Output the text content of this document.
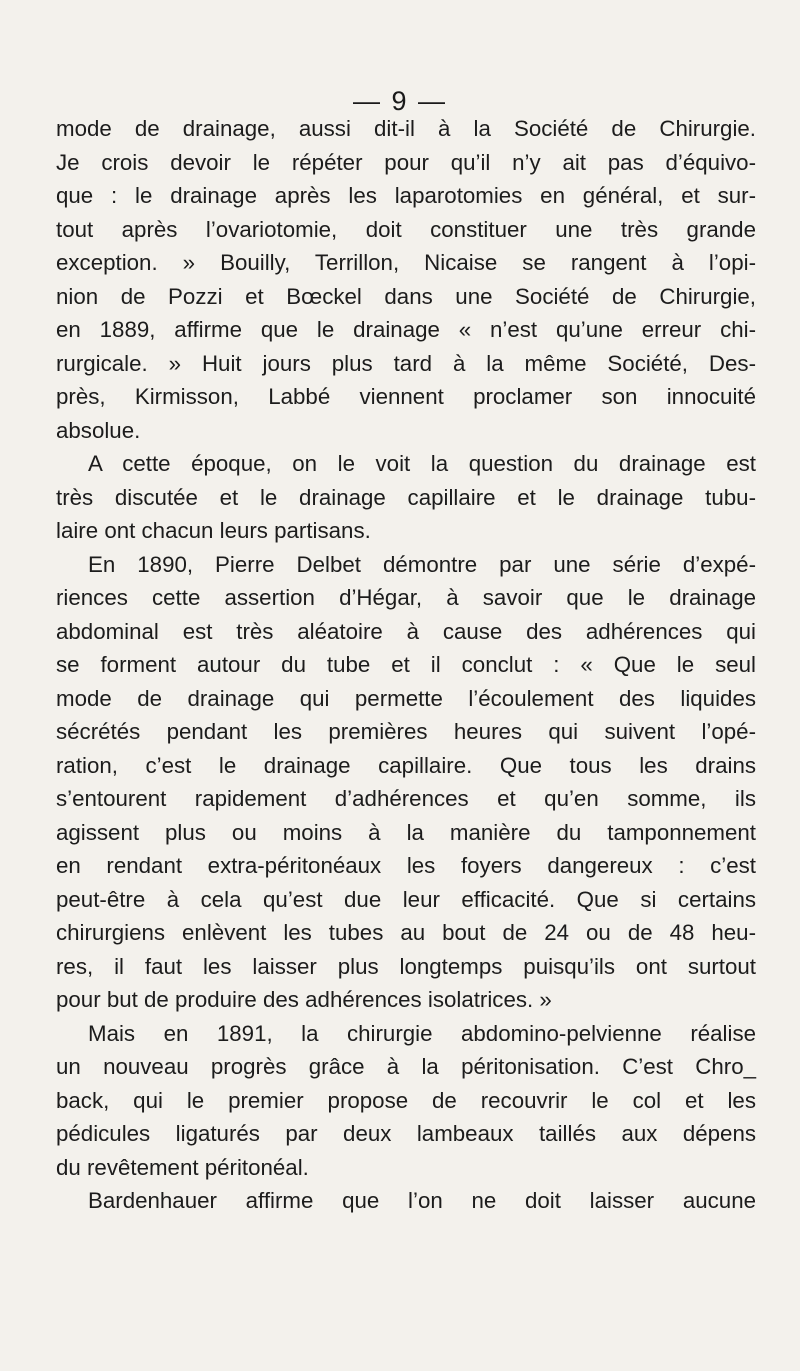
— 9 —
mode de drainage, aussi dit-il à la Société de Chirurgie.
Je crois devoir le répéter pour qu’il n’y ait pas d’équivo-
que : le drainage après les laparotomies en général, et sur-
tout après l’ovariotomie, doit constituer une très grande
exception. » Bouilly, Terrillon, Nicaise se rangent à l’opi-
nion de Pozzi et Bœckel dans une Société de Chirurgie,
en 1889, affirme que le drainage « n’est qu’une erreur chi-
rurgicale. » Huit jours plus tard à la même Société, Des-
près, Kirmisson, Labbé viennent proclamer son innocuité
absolue.
A cette époque, on le voit la question du drainage est
très discutée et le drainage capillaire et le drainage tubu-
laire ont chacun leurs partisans.
En 1890, Pierre Delbet démontre par une série d’expé-
riences cette assertion d’Hégar, à savoir que le drainage
abdominal est très aléatoire à cause des adhérences qui
se forment autour du tube et il conclut : « Que le seul
mode de drainage qui permette l’écoulement des liquides
sécrétés pendant les premières heures qui suivent l’opé-
ration, c’est le drainage capillaire. Que tous les drains
s’entourent rapidement d’adhérences et qu’en somme, ils
agissent plus ou moins à la manière du tamponnement
en rendant extra-péritonéaux les foyers dangereux : c’est
peut-être à cela qu’est due leur efficacité. Que si certains
chirurgiens enlèvent les tubes au bout de 24 ou de 48 heu-
res, il faut les laisser plus longtemps puisqu’ils ont surtout
pour but de produire des adhérences isolatrices. »
Mais en 1891, la chirurgie abdomino-pelvienne réalise
un nouveau progrès grâce à la péritonisation. C’est Chro_
back, qui le premier propose de recouvrir le col et les
pédicules ligaturés par deux lambeaux taillés aux dépens
du revêtement péritonéal.
Bardenhauer affirme que l’on ne doit laisser aucune
